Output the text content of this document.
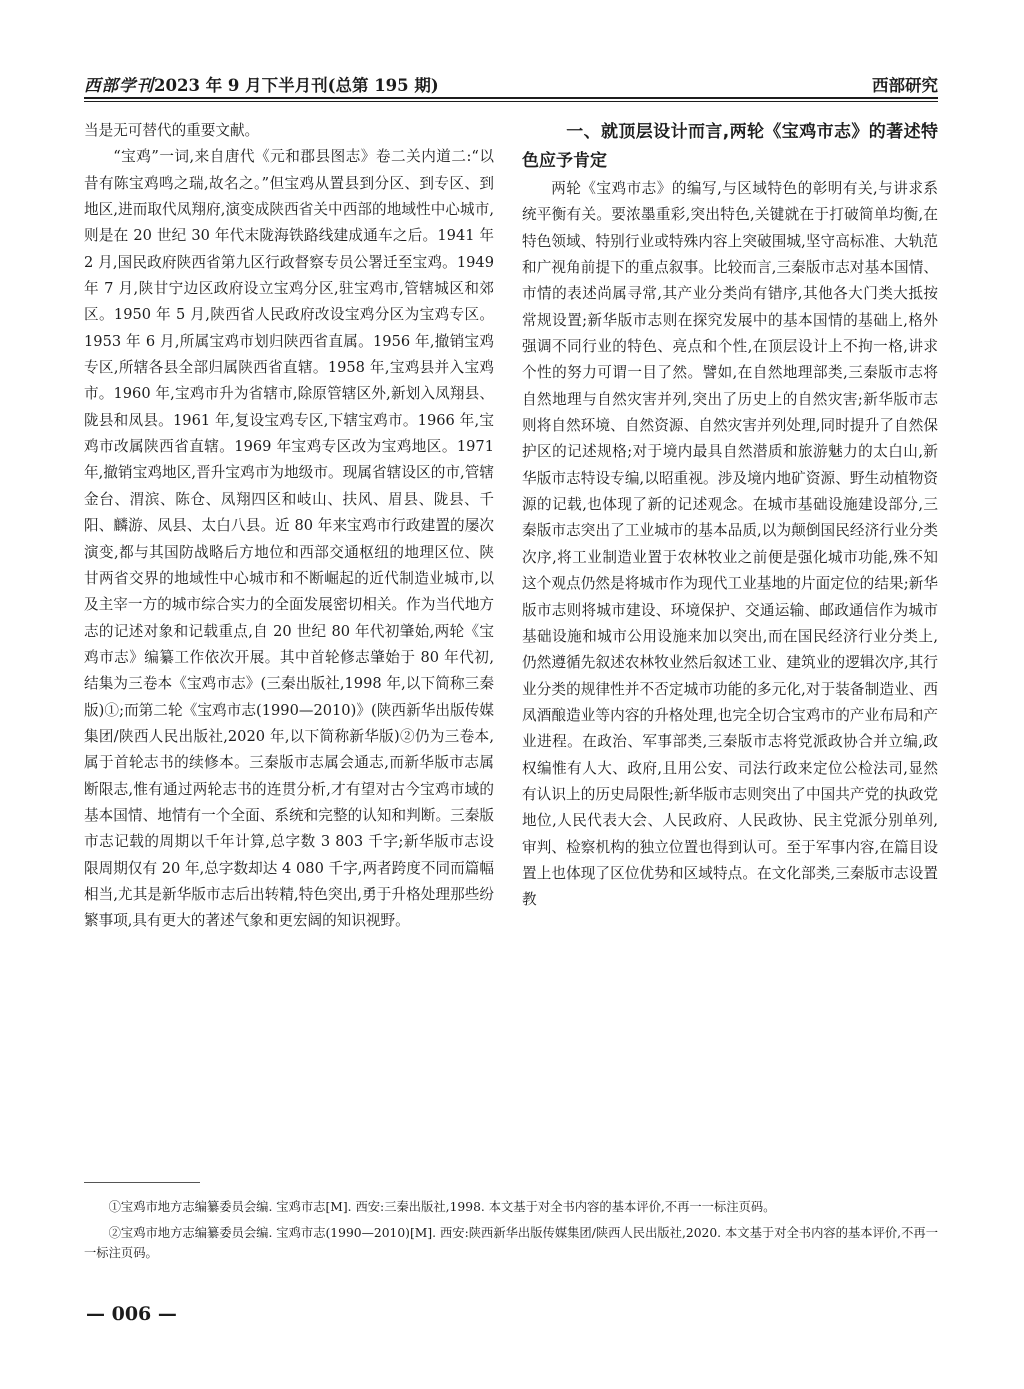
西部学刊2023 年 9 月下半月刊(总第 195 期)	西部研究

当是无可替代的重要文献。

“宝鸡”一词,来自唐代《元和郡县图志》卷二关内道二:“以昔有陈宝鸡鸣之瑞,故名之。”但宝鸡从置县到分区、到专区、到地区,进而取代凤翔府,演变成陕西省关中西部的地域性中心城市,则是在 20 世纪 30 年代末陇海铁路线建成通车之后。1941 年 2 月,国民政府陕西省第九区行政督察专员公署迁至宝鸡。1949 年 7 月,陕甘宁边区政府设立宝鸡分区,驻宝鸡市,管辖城区和郊区。1950 年 5 月,陕西省人民政府改设宝鸡分区为宝鸡专区。1953 年 6 月,所属宝鸡市划归陕西省直属。1956 年,撤销宝鸡专区,所辖各县全部归属陕西省直辖。1958 年,宝鸡县并入宝鸡市。1960 年,宝鸡市升为省辖市,除原管辖区外,新划入凤翔县、陇县和凤县。1961 年,复设宝鸡专区,下辖宝鸡市。1966 年,宝鸡市改属陕西省直辖。1969 年宝鸡专区改为宝鸡地区。1971 年,撤销宝鸡地区,晋升宝鸡市为地级市。现属省辖设区的市,管辖金台、渭滨、陈仓、凤翔四区和岐山、扶风、眉县、陇县、千阳、麟游、凤县、太白八县。近 80 年来宝鸡市行政建置的屡次演变,都与其国防战略后方地位和西部交通枢纽的地理区位、陕甘两省交界的地域性中心城市和不断崛起的近代制造业城市,以及主宰一方的城市综合实力的全面发展密切相关。作为当代地方志的记述对象和记载重点,自 20 世纪 80 年代初肇始,两轮《宝鸡市志》编纂工作依次开展。其中首轮修志肇始于 80 年代初,结集为三卷本《宝鸡市志》(三秦出版社,1998 年,以下简称三秦版)①;而第二轮《宝鸡市志(1990—2010)》(陕西新华出版传媒集团/陕西人民出版社,2020 年,以下简称新华版)②仍为三卷本,属于首轮志书的续修本。三秦版市志属会通志,而新华版市志属断限志,惟有通过两轮志书的连贯分析,才有望对古今宝鸡市域的基本国情、地情有一个全面、系统和完整的认知和判断。三秦版市志记载的周期以千年计算,总字数 3 803 千字;新华版市志设限周期仅有 20 年,总字数却达 4 080 千字,两者跨度不同而篇幅相当,尤其是新华版市志后出转精,特色突出,勇于升格处理那些纷繁事项,具有更大的著述气象和更宏阔的知识视野。

一、就顶层设计而言,两轮《宝鸡市志》的著述特色应予肯定

两轮《宝鸡市志》的编写,与区域特色的彰明有关,与讲求系统平衡有关。要浓墨重彩,突出特色,关键就在于打破简单均衡,在特色领域、特别行业或特殊内容上突破围城,坚守高标准、大轨范和广视角前提下的重点叙事。比较而言,三秦版市志对基本国情、市情的表述尚属寻常,其产业分类尚有错序,其他各大门类大抵按常规设置;新华版市志则在探究发展中的基本国情的基础上,格外强调不同行业的特色、亮点和个性,在顶层设计上不拘一格,讲求个性的努力可谓一目了然。譬如,在自然地理部类,三秦版市志将自然地理与自然灾害并列,突出了历史上的自然灾害;新华版市志则将自然环境、自然资源、自然灾害并列处理,同时提升了自然保护区的记述规格;对于境内最具自然潜质和旅游魅力的太白山,新华版市志特设专编,以昭重视。涉及境内地矿资源、野生动植物资源的记载,也体现了新的记述观念。在城市基础设施建设部分,三秦版市志突出了工业城市的基本品质,以为颠倒国民经济行业分类次序,将工业制造业置于农林牧业之前便是强化城市功能,殊不知这个观点仍然是将城市作为现代工业基地的片面定位的结果;新华版市志则将城市建设、环境保护、交通运输、邮政通信作为城市基础设施和城市公用设施来加以突出,而在国民经济行业分类上,仍然遵循先叙述农林牧业然后叙述工业、建筑业的逻辑次序,其行业分类的规律性并不否定城市功能的多元化,对于装备制造业、西凤酒酿造业等内容的升格处理,也完全切合宝鸡市的产业布局和产业进程。在政治、军事部类,三秦版市志将党派政协合并立编,政权编惟有人大、政府,且用公安、司法行政来定位公检法司,显然有认识上的历史局限性;新华版市志则突出了中国共产党的执政党地位,人民代表大会、人民政府、人民政协、民主党派分别单列,审判、检察机构的独立位置也得到认可。至于军事内容,在篇目设置上也体现了区位优势和区域特点。在文化部类,三秦版市志设置教

①宝鸡市地方志编纂委员会编. 宝鸡市志[M]. 西安:三秦出版社,1998. 本文基于对全书内容的基本评价,不再一一标注页码。

②宝鸡市地方志编纂委员会编. 宝鸡市志(1990—2010)[M]. 西安:陕西新华出版传媒集团/陕西人民出版社,2020. 本文基于对全书内容的基本评价,不再一一标注页码。

— 006 —
